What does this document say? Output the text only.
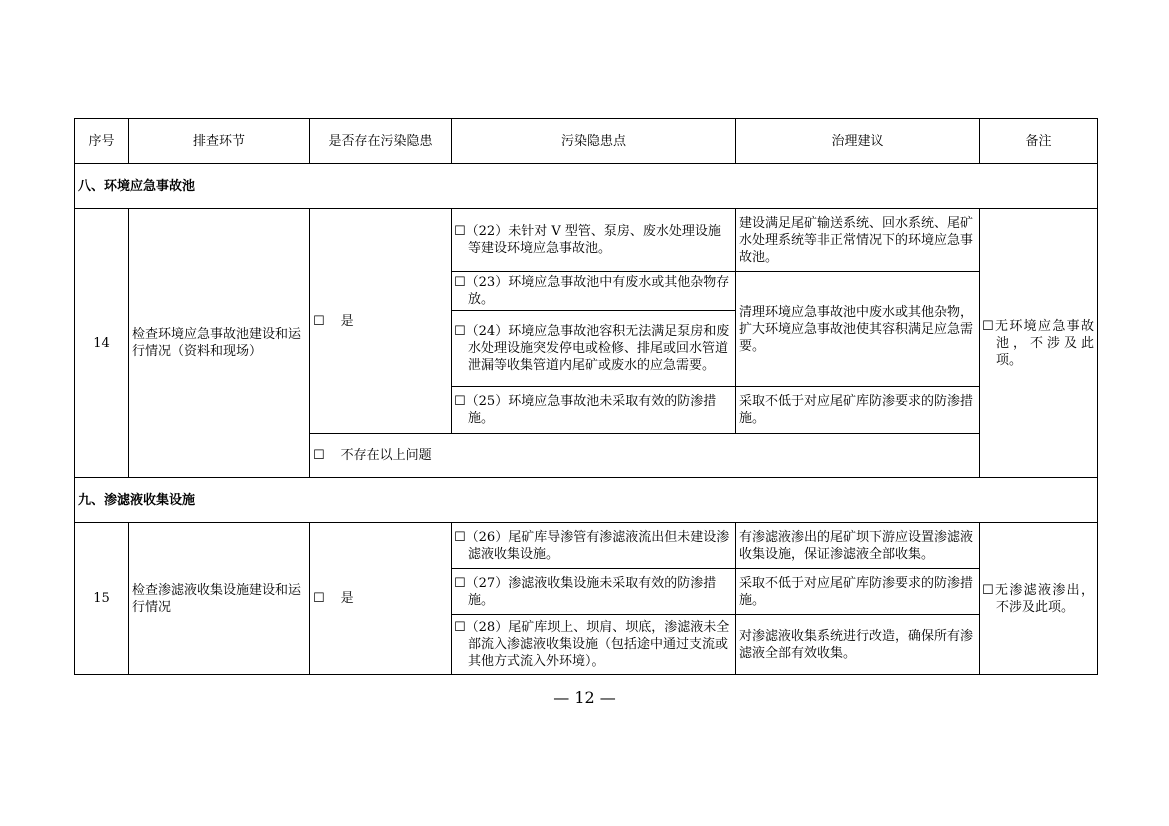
序号	排查环节	是否存在污染隐患	污染隐患点	治理建议	备注
八、环境应急事故池					
14	检查环境应急事故池建设和运行情况（资料和现场）	☐ 是	☐（22）未针对 V 型管、泵房、废水处理设施等建设环境应急事故池。	建设满足尾矿输送系统、回水系统、尾矿水处理系统等非正常情况下的环境应急事故池。	☐无环境应急事故池，不涉及此项。
			☐（23）环境应急事故池中有废水或其他杂物存放。	清理环境应急事故池中废水或其他杂物，扩大环境应急事故池使其容积满足应急需要。	
			☐（24）环境应急事故池容积无法满足泵房和废水处理设施突发停电或检修、排尾或回水管道泄漏等收集管道内尾矿或废水的应急需要。		
			☐（25）环境应急事故池未采取有效的防渗措施。	采取不低于对应尾矿库防渗要求的防渗措施。	
		☐ 不存在以上问题			
九、渗滤液收集设施					
15	检查渗滤液收集设施建设和运行情况	☐ 是	☐（26）尾矿库导渗管有渗滤液流出但未建设渗滤液收集设施。	有渗滤液渗出的尾矿坝下游应设置渗滤液收集设施，保证渗滤液全部收集。	☐无渗滤液渗出，不涉及此项。
			☐（27）渗滤液收集设施未采取有效的防渗措施。	采取不低于对应尾矿库防渗要求的防渗措施。	
			☐（28）尾矿库坝上、坝肩、坝底，渗滤液未全部流入渗滤液收集设施（包括途中通过支流或其他方式流入外环境）。	对渗滤液收集系统进行改造，确保所有渗滤液全部有效收集。	
— 12 —
